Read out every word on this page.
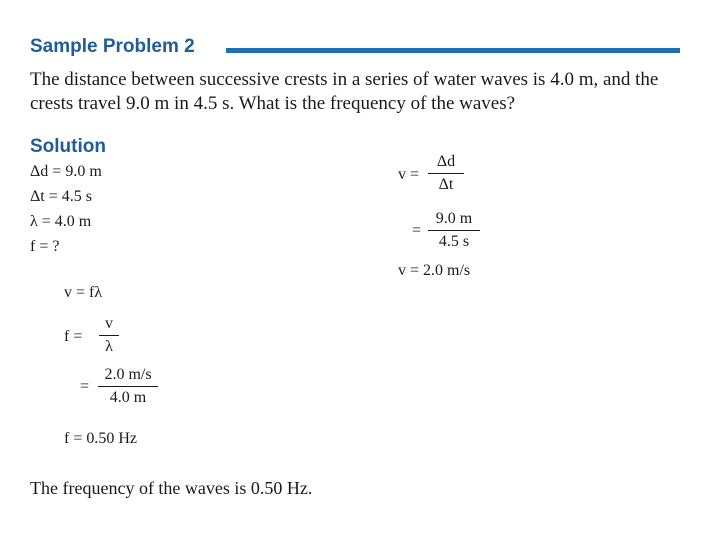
Sample Problem 2
The distance between successive crests in a series of water waves is 4.0 m, and the
crests travel 9.0 m in 4.5 s. What is the frequency of the waves?
Solution
Δd = 9.0 m
Δt = 4.5 s
λ = 4.0 m
f = ?
v = fλ
f =
v
λ
=
2.0 m/s
4.0 m
f = 0.50 Hz
v =
Δd
Δt
=
9.0 m
4.5 s
v = 2.0 m/s
The frequency of the waves is 0.50 Hz.
